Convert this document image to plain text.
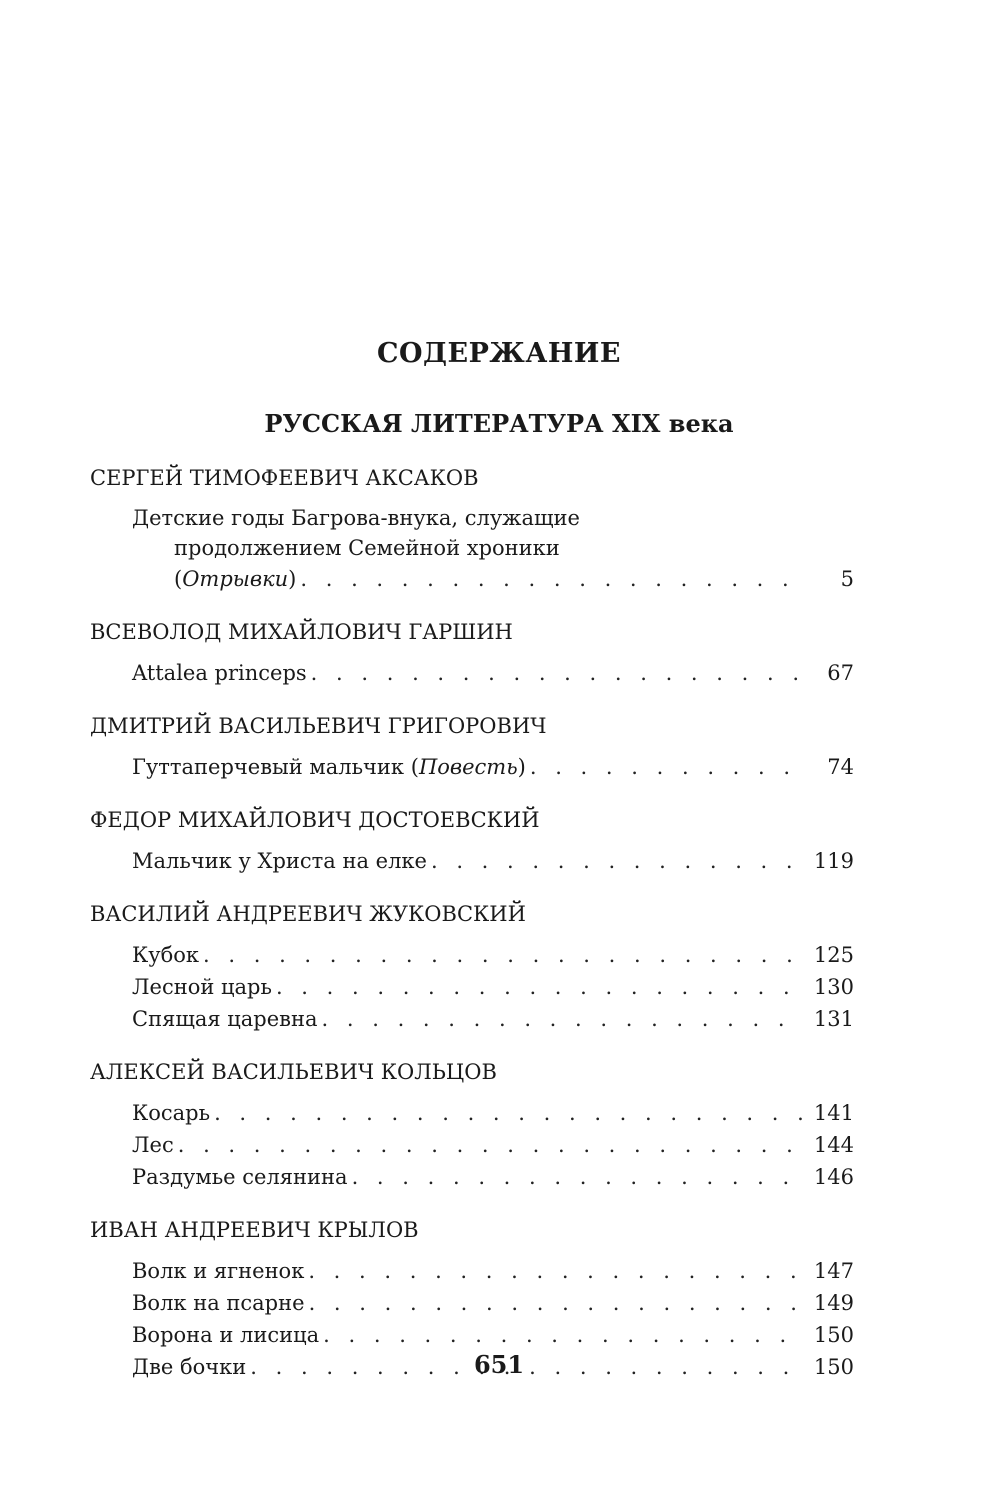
СОДЕРЖАНИЕ
РУССКАЯ ЛИТЕРАТУРА XIX века
СЕРГЕЙ ТИМОФЕЕВИЧ АКСАКОВ
Детские годы Багрова-внука, служащие
продолжением Семейной хроники
(Отрывки) . . .	5
ВСЕВОЛОД МИХАЙЛОВИЧ ГАРШИН
Attalea princeps . . .	67
ДМИТРИЙ ВАСИЛЬЕВИЧ ГРИГОРОВИЧ
Гуттаперчевый мальчик (Повесть) . . .	74
ФЕДОР МИХАЙЛОВИЧ ДОСТОЕВСКИЙ
Мальчик у Христа на елке . . .	119
ВАСИЛИЙ АНДРЕЕВИЧ ЖУКОВСКИЙ
Кубок . . .	125
Лесной царь . . .	130
Спящая царевна . . .	131
АЛЕКСЕЙ ВАСИЛЬЕВИЧ КОЛЬЦОВ
Косарь . . .	141
Лес . . .	144
Раздумье селянина . . .	146
ИВАН АНДРЕЕВИЧ КРЫЛОВ
Волк и ягненок . . .	147
Волк на псарне . . .	149
Ворона и лисица . . .	150
Две бочки . . .	150
651
